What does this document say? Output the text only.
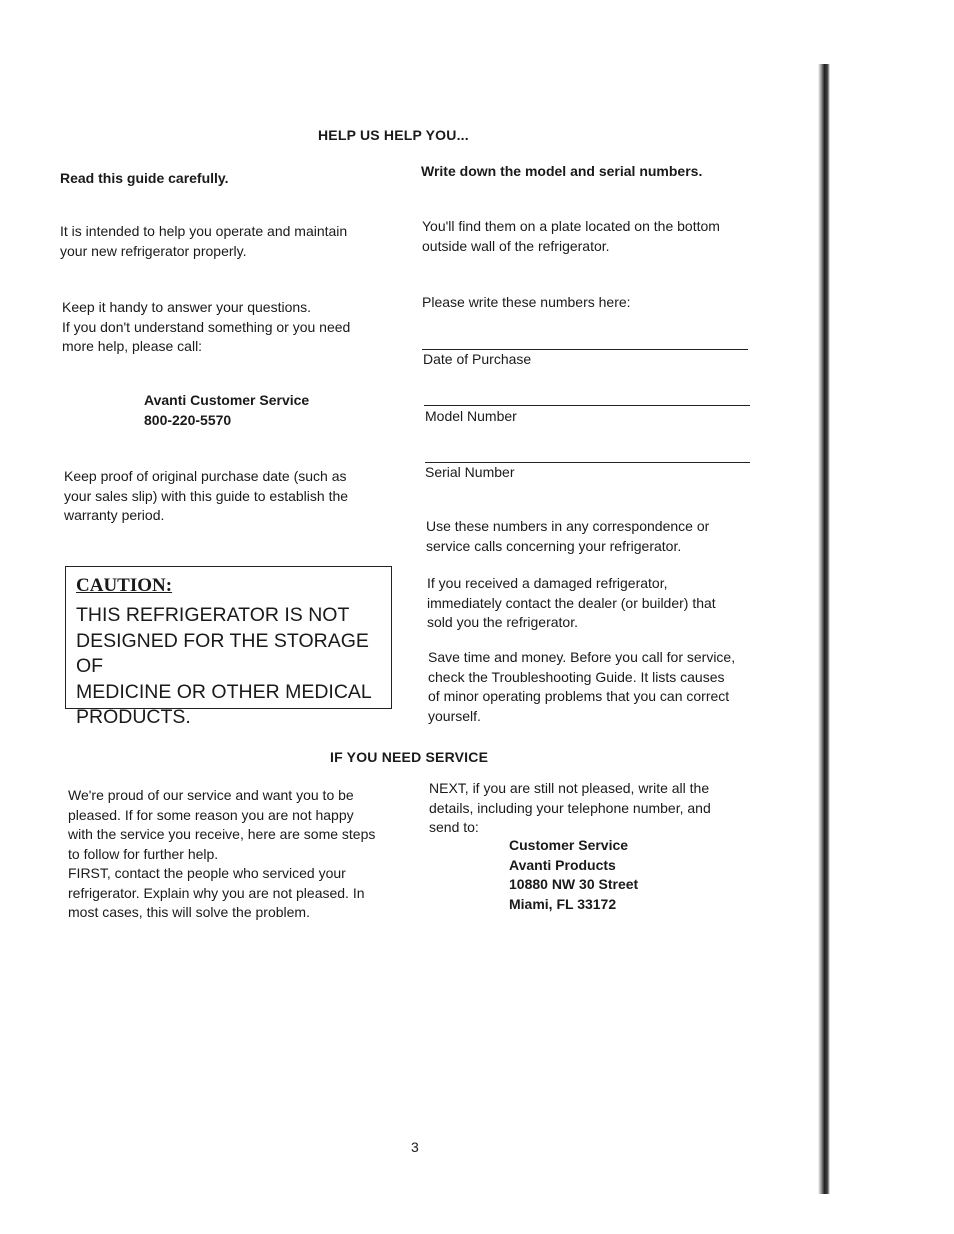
HELP US HELP YOU...
Read this guide carefully.
It is intended to help you operate and maintain
your new refrigerator properly.
Keep it handy to answer your questions.
If you don't understand something or you need
more help, please call:
Avanti Customer Service
800-220-5570
Keep proof of original purchase date (such as
your sales slip) with this guide to establish the
warranty period.
CAUTION:
THIS REFRIGERATOR IS NOT
DESIGNED FOR THE STORAGE OF
MEDICINE OR OTHER MEDICAL
PRODUCTS.
Write down the model and serial numbers.
You'll find them on a plate located on the bottom
outside wall of the refrigerator.
Please write these numbers here:
Date of Purchase
Model Number
Serial Number
Use these numbers in any correspondence or
service calls concerning your refrigerator.
If you received a damaged refrigerator,
immediately contact the dealer (or builder) that
sold you the refrigerator.
Save time and money. Before you call for service,
check the Troubleshooting Guide. It lists causes
of minor operating problems that you can correct
yourself.
IF YOU NEED SERVICE
We're proud of our service and want you to be
pleased. If for some reason you are not happy
with the service you receive, here are some steps
to follow for further help.
FIRST, contact the people who serviced your
refrigerator. Explain why you are not pleased. In
most cases, this will solve the problem.
NEXT, if you are still not pleased, write all the
details, including your telephone number, and
send to:
Customer Service
Avanti Products
10880 NW 30 Street
Miami, FL 33172
3
